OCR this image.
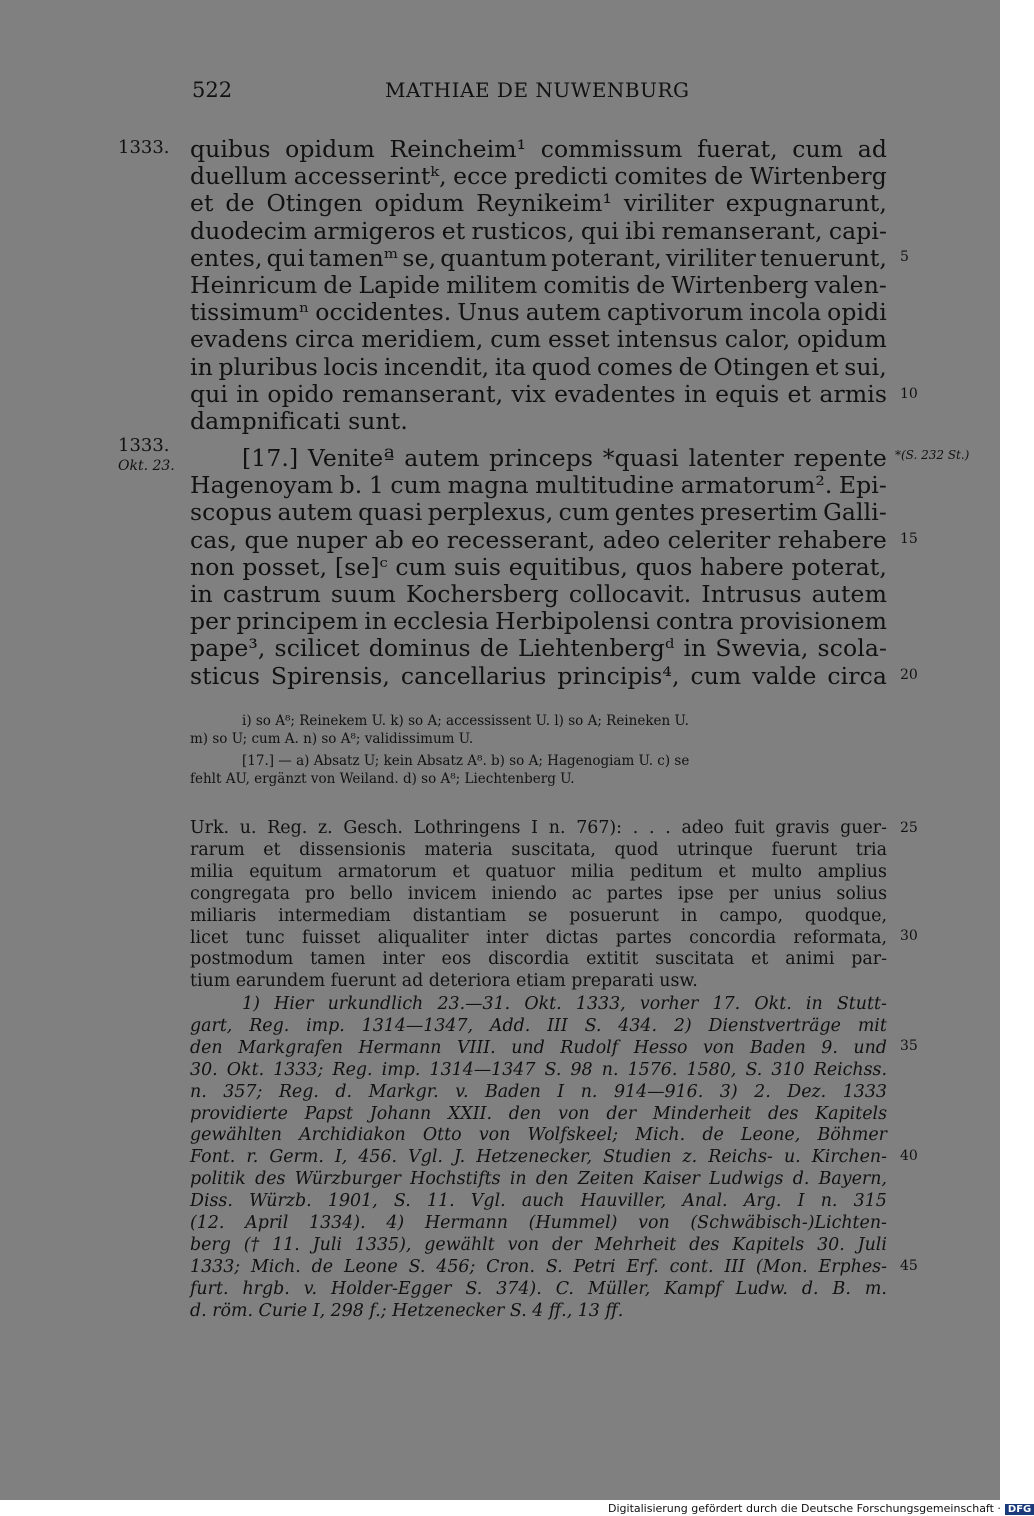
522	MATHIAE DE NUWENBURG
1333.
1333.
Okt. 23.
*(S. 232 St.)
5
10
15
20
25
30
35
40
45
quibus opidum Reincheim¹ commissum fuerat, cum ad
duellum accesserintᵏ, ecce predicti comites de Wirtenberg
et de Otingen opidum Reynikeim¹ viriliter expugnarunt,
duodecim armigeros et rusticos, qui ibi remanserant, capi-
entes, qui tamenᵐ se, quantum poterant, viriliter tenuerunt,
Heinricum de Lapide militem comitis de Wirtenberg valen-
tissimumⁿ occidentes. Unus autem captivorum incola opidi
evadens circa meridiem, cum esset intensus calor, opidum
in pluribus locis incendit, ita quod comes de Otingen et sui,
qui in opido remanserant, vix evadentes in equis et armis
dampnificati sunt.
[17.] Veniteª autem princeps *quasi latenter repente
Hagenoyam b. 1 cum magna multitudine armatorum². Epi-
scopus autem quasi perplexus, cum gentes presertim Galli-
cas, que nuper ab eo recesserant, adeo celeriter rehabere
non posset, [se]ᶜ cum suis equitibus, quos habere poterat,
in castrum suum Kochersberg collocavit. Intrusus autem
per principem in ecclesia Herbipolensi contra provisionem
pape³, scilicet dominus de Liehtenbergᵈ in Swevia, scola-
sticus Spirensis, cancellarius principis⁴, cum valde circa
i) so A⁸; Reinekem U. k) so A; accessissent U. l) so A; Reineken U.
m) so U; cum A. n) so A⁸; validissimum U.
[17.] — a) Absatz U; kein Absatz A⁸. b) so A; Hagenogiam U. c) se
fehlt AU, ergänzt von Weiland. d) so A⁸; Liechtenberg U.
Urk. u. Reg. z. Gesch. Lothringens I n. 767): . . . adeo fuit gravis guer-
rarum et dissensionis materia suscitata, quod utrinque fuerunt tria
milia equitum armatorum et quatuor milia peditum et multo amplius
congregata pro bello invicem iniendo ac partes ipse per unius solius
miliaris intermediam distantiam se posuerunt in campo, quodque,
licet tunc fuisset aliqualiter inter dictas partes concordia reformata,
postmodum tamen inter eos discordia extitit suscitata et animi par-
tium earundem fuerunt ad deteriora etiam preparati usw.
1) Hier urkundlich 23.—31. Okt. 1333, vorher 17. Okt. in Stutt-
gart, Reg. imp. 1314—1347, Add. III S. 434. 2) Dienstverträge mit
den Markgrafen Hermann VIII. und Rudolf Hesso von Baden 9. und
30. Okt. 1333; Reg. imp. 1314—1347 S. 98 n. 1576. 1580, S. 310 Reichss.
n. 357; Reg. d. Markgr. v. Baden I n. 914—916. 3) 2. Dez. 1333
providierte Papst Johann XXII. den von der Minderheit des Kapitels
gewählten Archidiakon Otto von Wolfskeel; Mich. de Leone, Böhmer
Font. r. Germ. I, 456. Vgl. J. Hetzenecker, Studien z. Reichs- u. Kirchen-
politik des Würzburger Hochstifts in den Zeiten Kaiser Ludwigs d. Bayern,
Diss. Würzb. 1901, S. 11. Vgl. auch Hauviller, Anal. Arg. I n. 315
(12. April 1334). 4) Hermann (Hummel) von (Schwäbisch-)Lichten-
berg († 11. Juli 1335), gewählt von der Mehrheit des Kapitels 30. Juli
1333; Mich. de Leone S. 456; Cron. S. Petri Erf. cont. III (Mon. Erphes-
furt. hrgb. v. Holder-Egger S. 374). C. Müller, Kampf Ludw. d. B. m.
d. röm. Curie I, 298 f.; Hetzenecker S. 4 ff., 13 ff.
Digitalisierung gefördert durch die Deutsche Forschungsgemeinschaft · DFG
